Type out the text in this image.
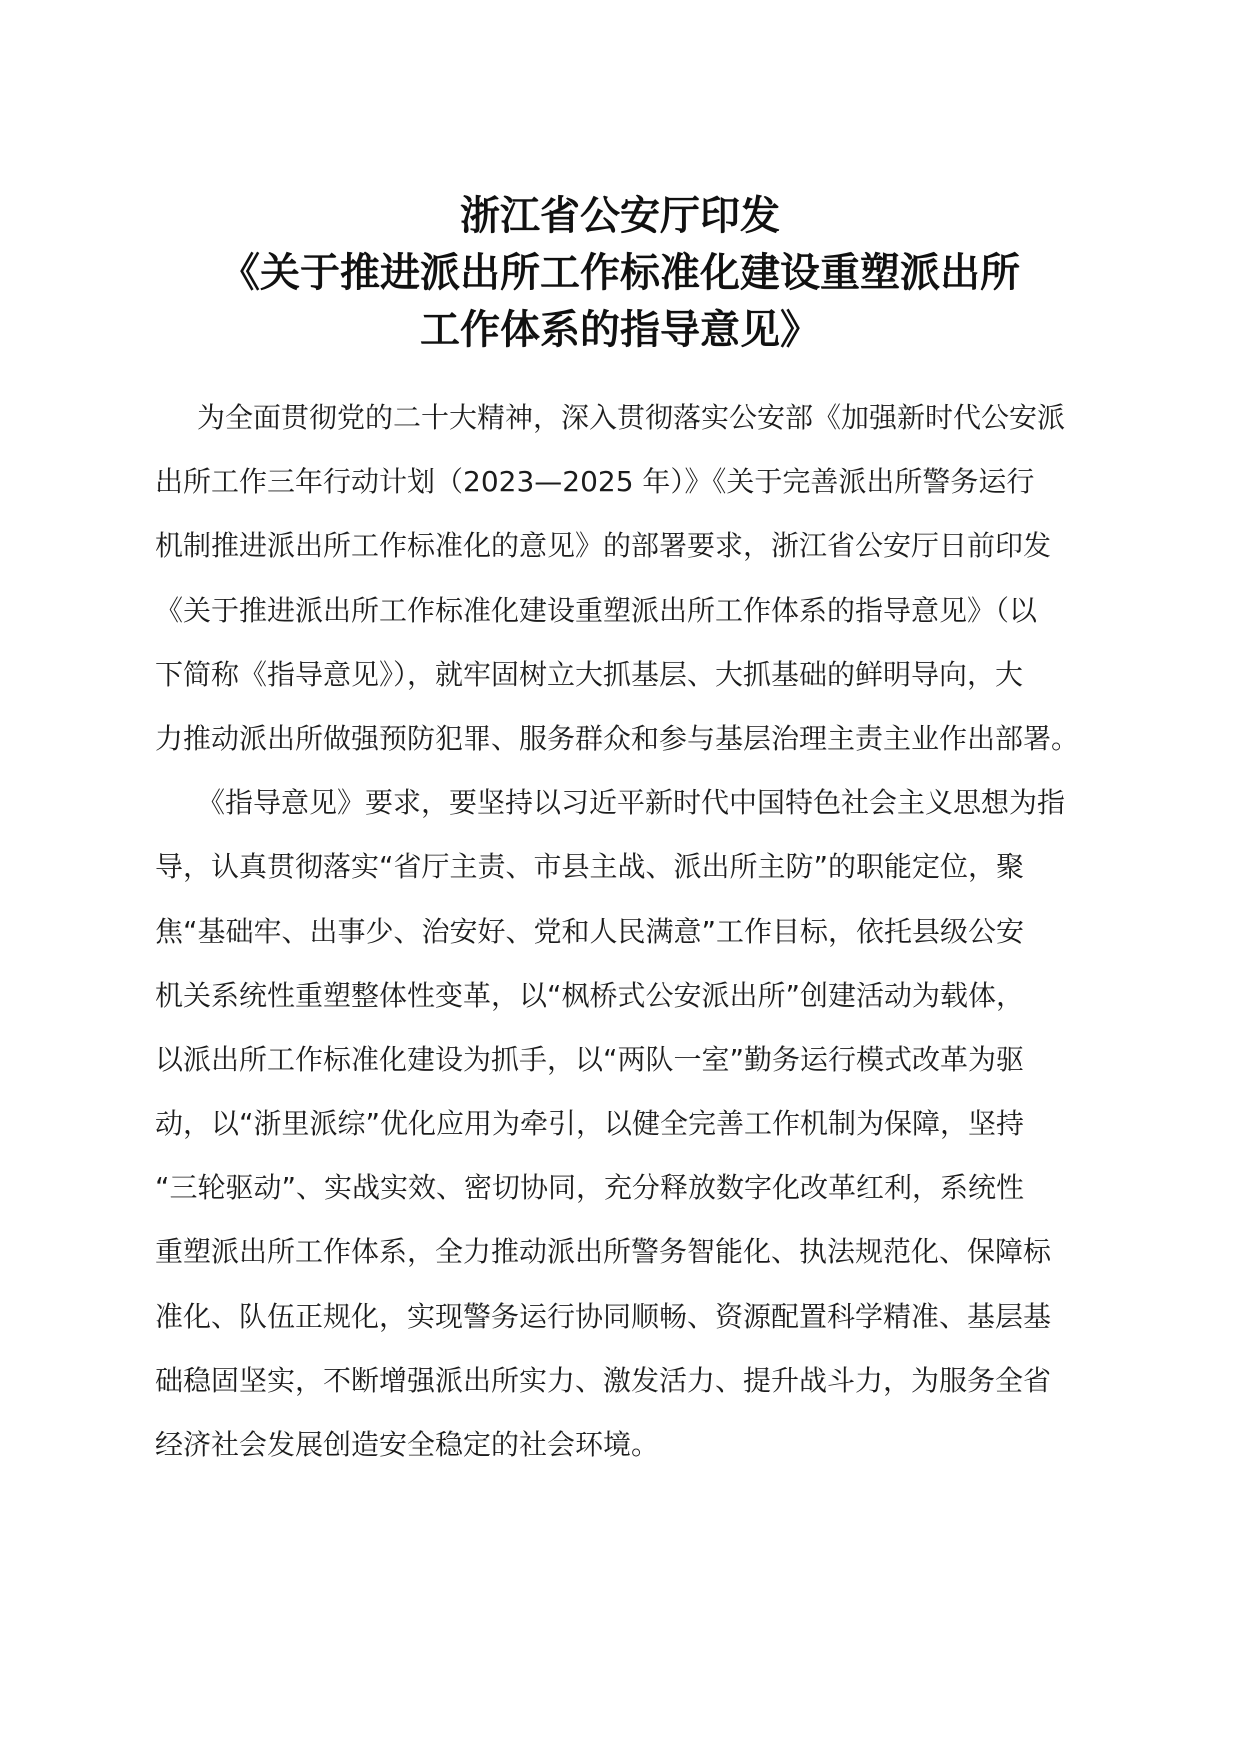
浙江省公安厅印发
《关于推进派出所工作标准化建设重塑派出所
工作体系的指导意见》
为全面贯彻党的二十大精神，深入贯彻落实公安部《加强新时代公安派
出所工作三年行动计划（2023—2025 年）》《关于完善派出所警务运行
机制推进派出所工作标准化的意见》的部署要求，浙江省公安厅日前印发
《关于推进派出所工作标准化建设重塑派出所工作体系的指导意见》（以
下简称《指导意见》），就牢固树立大抓基层、大抓基础的鲜明导向，大
力推动派出所做强预防犯罪、服务群众和参与基层治理主责主业作出部署。
《指导意见》要求，要坚持以习近平新时代中国特色社会主义思想为指
导，认真贯彻落实“省厅主责、市县主战、派出所主防”的职能定位，聚
焦“基础牢、出事少、治安好、党和人民满意”工作目标，依托县级公安
机关系统性重塑整体性变革，以“枫桥式公安派出所”创建活动为载体，
以派出所工作标准化建设为抓手，以“两队一室”勤务运行模式改革为驱
动，以“浙里派综”优化应用为牵引，以健全完善工作机制为保障，坚持
“三轮驱动”、实战实效、密切协同，充分释放数字化改革红利，系统性
重塑派出所工作体系，全力推动派出所警务智能化、执法规范化、保障标
准化、队伍正规化，实现警务运行协同顺畅、资源配置科学精准、基层基
础稳固坚实，不断增强派出所实力、激发活力、提升战斗力，为服务全省
经济社会发展创造安全稳定的社会环境。
